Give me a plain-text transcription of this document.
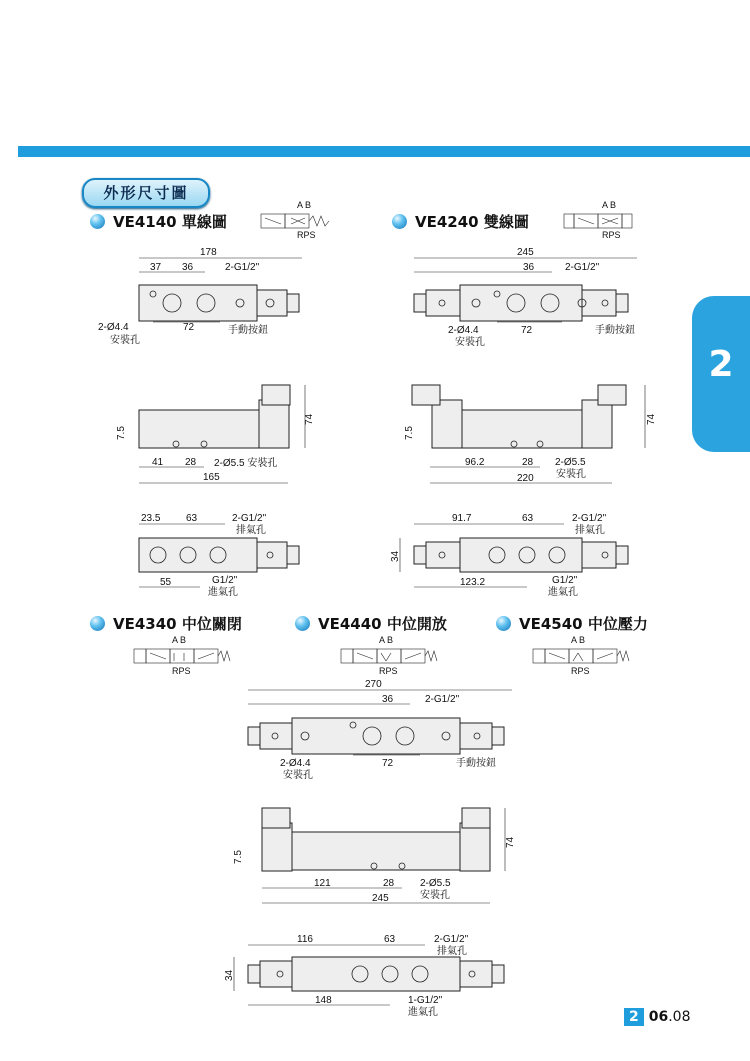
2
外形尺寸圖
VE4140 單線圖	VE4240 雙線圖
VE4340 中位關閉	VE4440 中位開放	VE4540 中位壓力
A B
RPS
A B
RPS
A B
RPS
A B
RPS
A B
RPS
178
37 36	2-G1/2"
2-Ø4.4
安裝孔
72	手動按鈕
74
7.5
41 28 2-Ø5.5 安裝孔
165
23.5	63	2-G1/2"
排氣孔
55	G1/2"
進氣孔
245
36	2-G1/2"
2-Ø4.4
安裝孔
72	手動按鈕
74
7.5
96.2	28 2-Ø5.5
安裝孔
220
91.7	63	2-G1/2"
排氣孔
34
123.2	G1/2"
進氣孔
270
36	2-G1/2"
2-Ø4.4
安裝孔
72	手動按鈕
74
7.5
121	28	2-Ø5.5
安裝孔
245
116	63	2-G1/2"
排氣孔
34
148	1-G1/2"
進氣孔	2 06 .08
